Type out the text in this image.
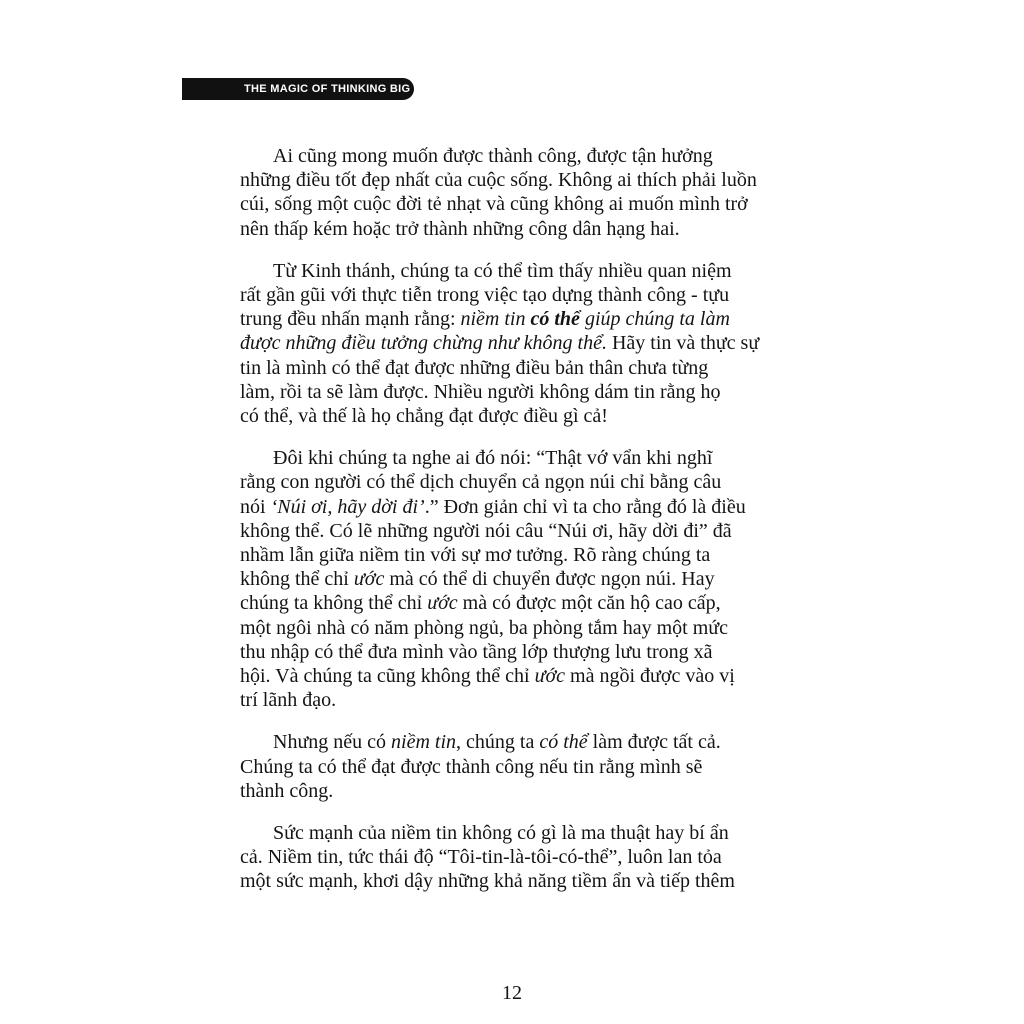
THE MAGIC OF THINKING BIG
Ai cũng mong muốn được thành công, được tận hưởng
những điều tốt đẹp nhất của cuộc sống. Không ai thích phải luồn
cúi, sống một cuộc đời tẻ nhạt và cũng không ai muốn mình trở
nên thấp kém hoặc trở thành những công dân hạng hai.
Từ Kinh thánh, chúng ta có thể tìm thấy nhiều quan niệm
rất gần gũi với thực tiễn trong việc tạo dựng thành công - tựu
trung đều nhấn mạnh rằng: niềm tin có thể giúp chúng ta làm
được những điều tưởng chừng như không thể. Hãy tin và thực sự
tin là mình có thể đạt được những điều bản thân chưa từng
làm, rồi ta sẽ làm được. Nhiều người không dám tin rằng họ
có thể, và thế là họ chẳng đạt được điều gì cả!
Đôi khi chúng ta nghe ai đó nói: “Thật vớ vẩn khi nghĩ
rằng con người có thể dịch chuyển cả ngọn núi chỉ bằng câu
nói ‘Núi ơi, hãy dời đi’.” Đơn giản chỉ vì ta cho rằng đó là điều
không thể. Có lẽ những người nói câu “Núi ơi, hãy dời đi” đã
nhầm lẫn giữa niềm tin với sự mơ tưởng. Rõ ràng chúng ta
không thể chỉ ước mà có thể di chuyển được ngọn núi. Hay
chúng ta không thể chỉ ước mà có được một căn hộ cao cấp,
một ngôi nhà có năm phòng ngủ, ba phòng tắm hay một mức
thu nhập có thể đưa mình vào tầng lớp thượng lưu trong xã
hội. Và chúng ta cũng không thể chỉ ước mà ngồi được vào vị
trí lãnh đạo.
Nhưng nếu có niềm tin, chúng ta có thể làm được tất cả.
Chúng ta có thể đạt được thành công nếu tin rằng mình sẽ
thành công.
Sức mạnh của niềm tin không có gì là ma thuật hay bí ẩn
cả. Niềm tin, tức thái độ “Tôi-tin-là-tôi-có-thể”, luôn lan tỏa
một sức mạnh, khơi dậy những khả năng tiềm ẩn và tiếp thêm
12
